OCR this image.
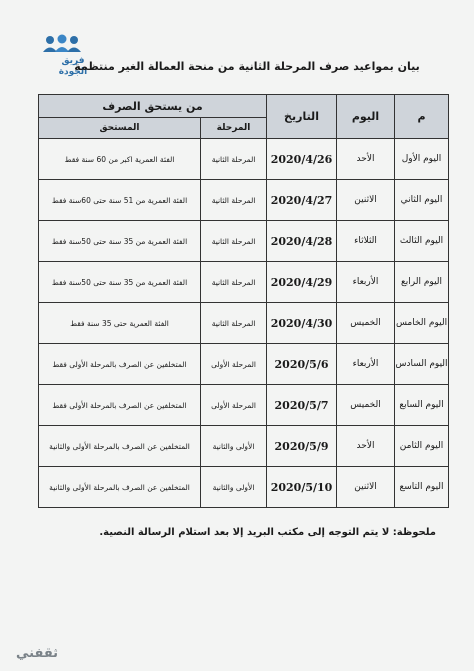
فريق
الجودة
بيان بمواعيد صرف المرحلة الثانية من منحة العمالة الغير منتظمة
م	اليوم	التاريخ	من يستحق الصرف	
			المرحلة	المستحق
اليوم الأول	الأحد	2020/4/26	المرحلة الثانية	الفئة العمرية اكبر من 60 سنة فقط
اليوم الثاني	الاثنين	2020/4/27	المرحلة الثانية	الفئة العمرية من 51 سنة حتى 60سنة فقط
اليوم الثالث	الثلاثاء	2020/4/28	المرحلة الثانية	الفئة العمرية من 35 سنة حتى 50سنة فقط
اليوم الرابع	الأربعاء	2020/4/29	المرحلة الثانية	الفئة العمرية من 35 سنة حتى 50سنة فقط
اليوم الخامس	الخميس	2020/4/30	المرحلة الثانية	الفئة العمرية حتى 35 سنة فقط
اليوم السادس	الأربعاء	2020/5/6	المرحلة الأولى	المتخلفين عن الصرف بالمرحلة الأولى فقط
اليوم السابع	الخميس	2020/5/7	المرحلة الأولى	المتخلفين عن الصرف بالمرحلة الأولى فقط
اليوم الثامن	الأحد	2020/5/9	الأولى والثانية	المتخلفين عن الصرف بالمرحلة الأولى والثانية
اليوم التاسع	الاثنين	2020/5/10	الأولى والثانية	المتخلفين عن الصرف بالمرحلة الأولى والثانية
ملحوظة: لا يتم التوجه إلى مكتب البريد إلا بعد استلام الرسالة النصية.
ثقفني
